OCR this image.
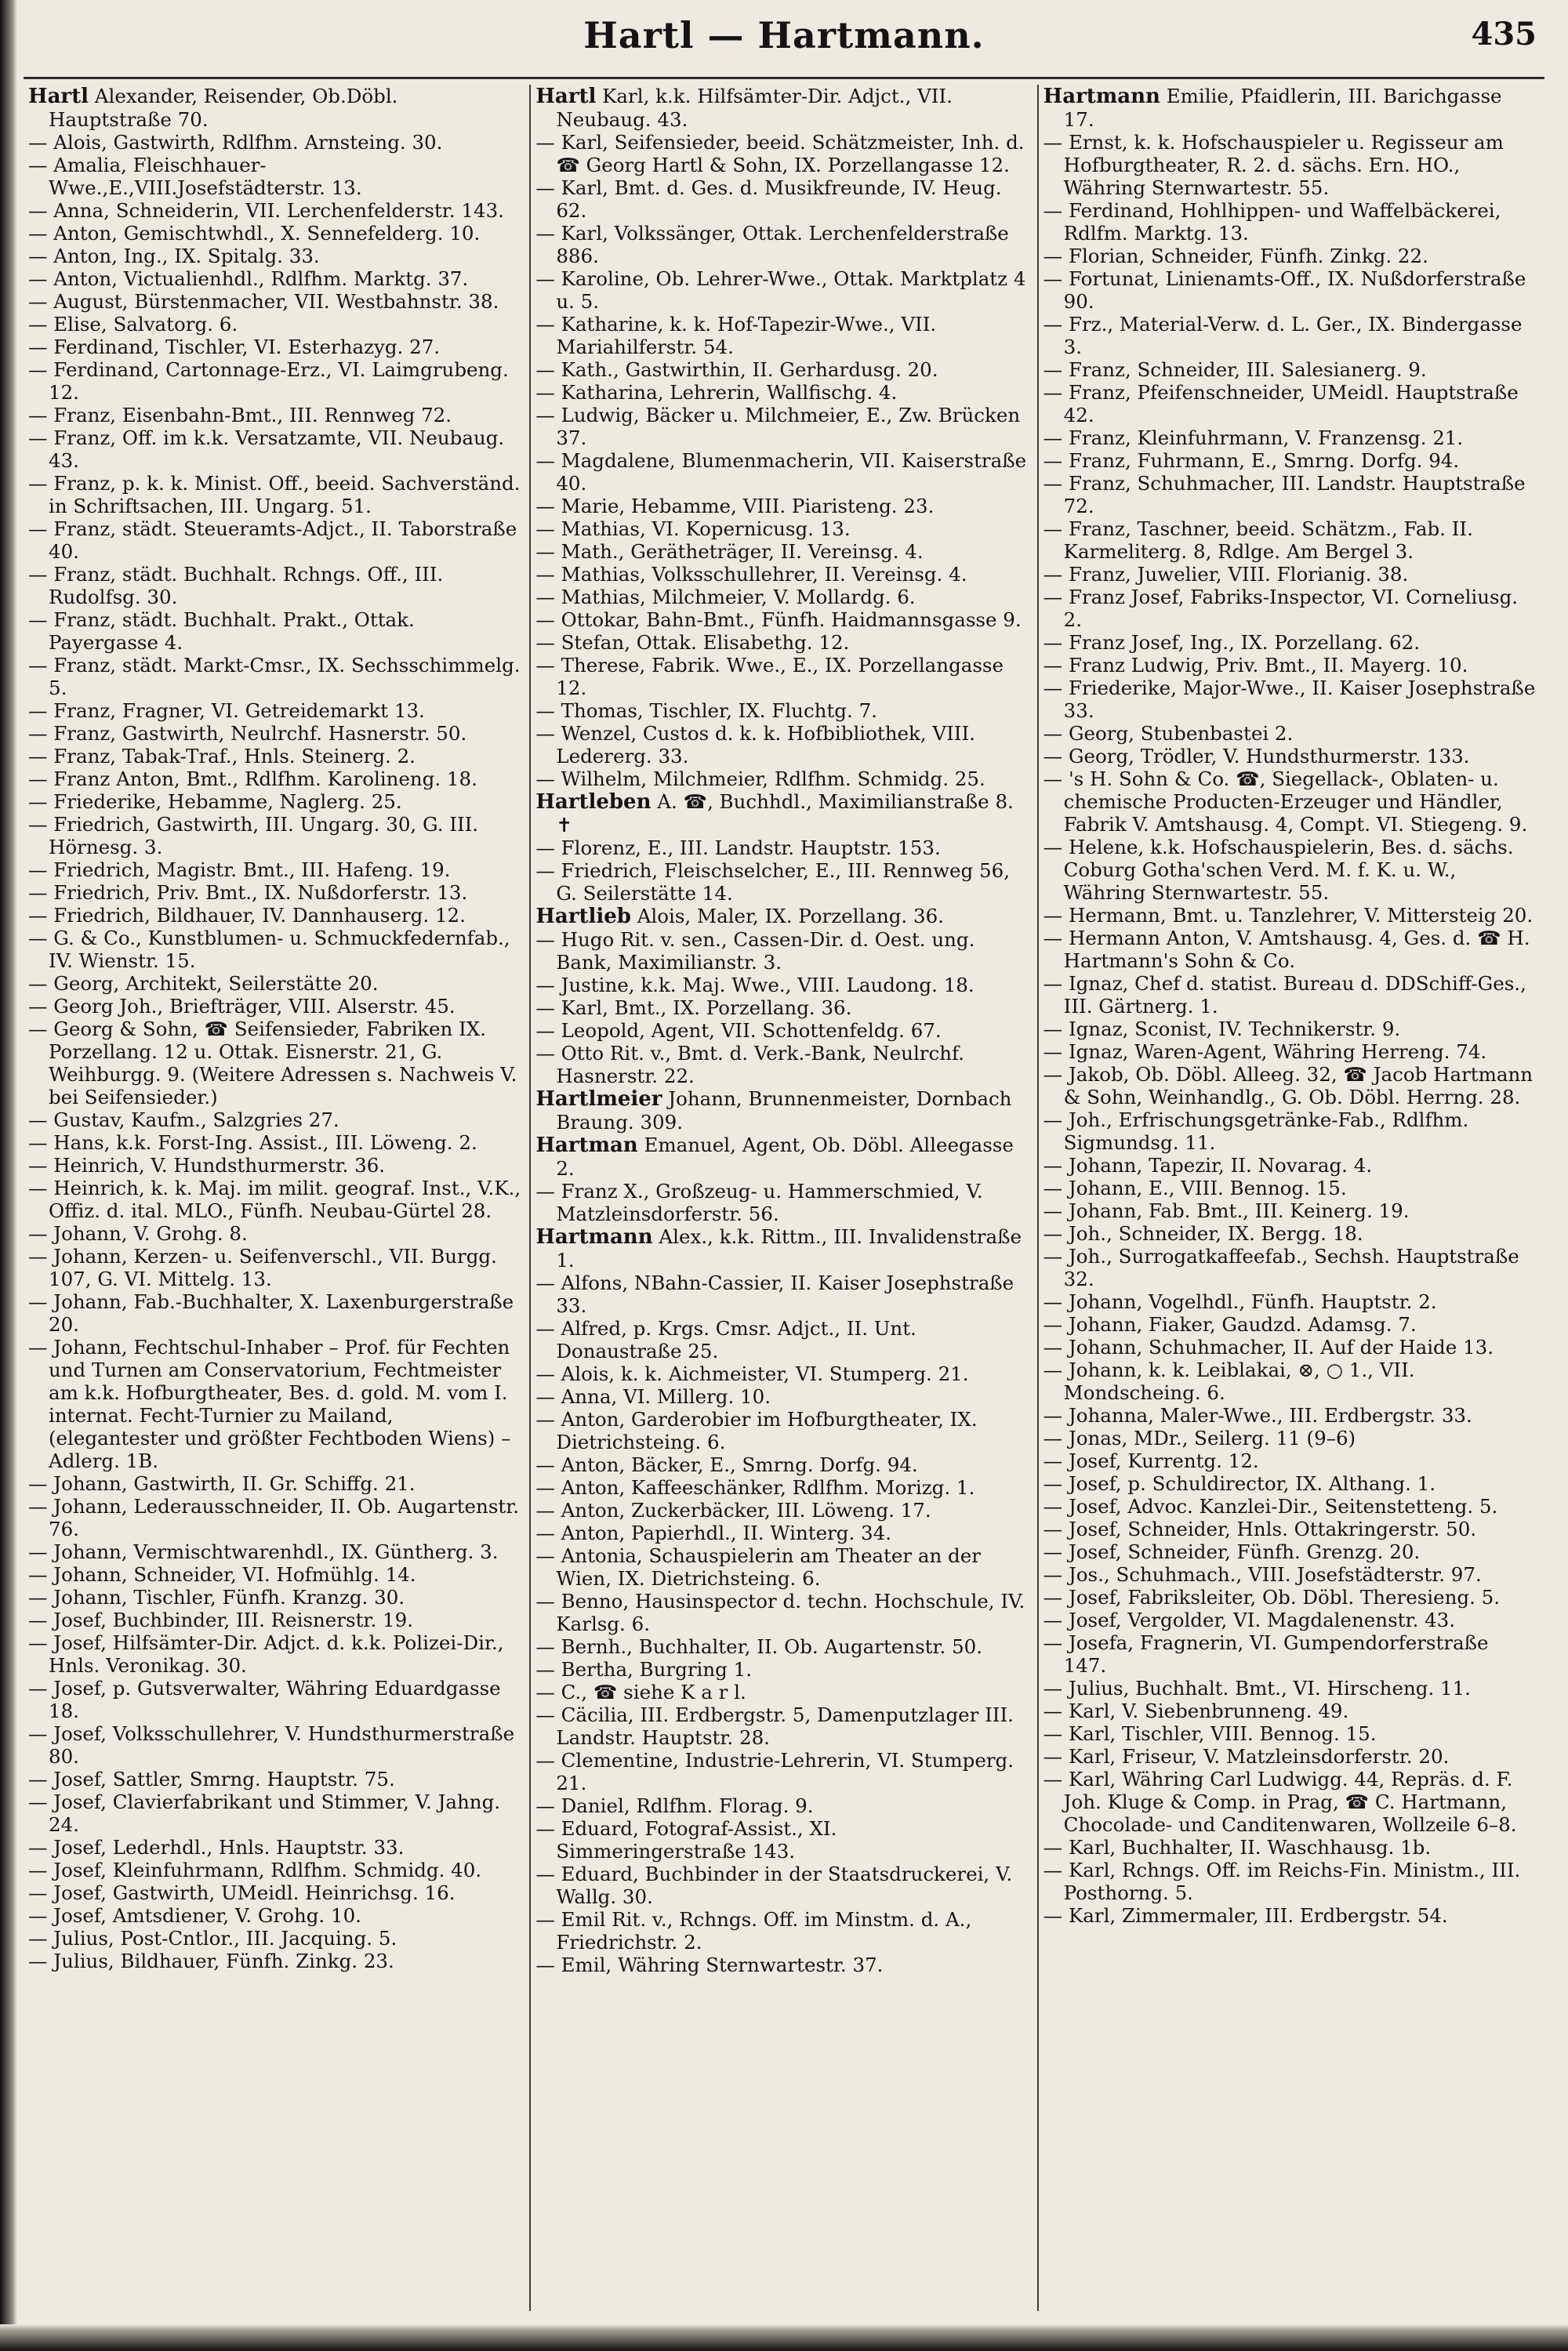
Hartl — Hartmann.	435

Hartl Alexander, Reisender, Ob.Döbl. Hauptstraße 70.

— Alois, Gastwirth, Rdlfhm. Arnsteing. 30.

— Amalia, Fleischhauer-Wwe.,E.,VIII.Josefstädterstr. 13.

— Anna, Schneiderin, VII. Lerchenfelderstr. 143.

— Anton, Gemischtwhdl., X. Sennefelderg. 10.

— Anton, Ing., IX. Spitalg. 33.

— Anton, Victualienhdl., Rdlfhm. Marktg. 37.

— August, Bürstenmacher, VII. Westbahnstr. 38.

— Elise, Salvatorg. 6.

— Ferdinand, Tischler, VI. Esterhazyg. 27.

— Ferdinand, Cartonnage-Erz., VI. Laimgrubeng. 12.

— Franz, Eisenbahn-Bmt., III. Rennweg 72.

— Franz, Off. im k.k. Versatzamte, VII. Neubaug. 43.

— Franz, p. k. k. Minist. Off., beeid. Sachverständ. in Schriftsachen, III. Ungarg. 51.

— Franz, städt. Steueramts-Adjct., II. Taborstraße 40.

— Franz, städt. Buchhalt. Rchngs. Off., III. Rudolfsg. 30.

— Franz, städt. Buchhalt. Prakt., Ottak. Payergasse 4.

— Franz, städt. Markt-Cmsr., IX. Sechsschimmelg. 5.

— Franz, Fragner, VI. Getreidemarkt 13.

— Franz, Gastwirth, Neulrchf. Hasnerstr. 50.

— Franz, Tabak-Traf., Hnls. Steinerg. 2.

— Franz Anton, Bmt., Rdlfhm. Karolineng. 18.

— Friederike, Hebamme, Naglerg. 25.

— Friedrich, Gastwirth, III. Ungarg. 30, G. III. Hörnesg. 3.

— Friedrich, Magistr. Bmt., III. Hafeng. 19.

— Friedrich, Priv. Bmt., IX. Nußdorferstr. 13.

— Friedrich, Bildhauer, IV. Dannhauserg. 12.

— G. & Co., Kunstblumen- u. Schmuckfedernfab., IV. Wienstr. 15.

— Georg, Architekt, Seilerstätte 20.

— Georg Joh., Briefträger, VIII. Alserstr. 45.

— Georg & Sohn, ☎ Seifensieder, Fabriken IX. Porzellang. 12 u. Ottak. Eisnerstr. 21, G. Weihburgg. 9. (Weitere Adressen s. Nachweis V. bei Seifensieder.)

— Gustav, Kaufm., Salzgries 27.

— Hans, k.k. Forst-Ing. Assist., III. Löweng. 2.

— Heinrich, V. Hundsthurmerstr. 36.

— Heinrich, k. k. Maj. im milit. geograf. Inst., V.K., Offiz. d. ital. MLO., Fünfh. Neubau-Gürtel 28.

— Johann, V. Grohg. 8.

— Johann, Kerzen- u. Seifenverschl., VII. Burgg. 107, G. VI. Mittelg. 13.

— Johann, Fab.-Buchhalter, X. Laxenburgerstraße 20.

— Johann, Fechtschul-Inhaber – Prof. für Fechten und Turnen am Conservatorium, Fechtmeister am k.k. Hofburgtheater, Bes. d. gold. M. vom I. internat. Fecht-Turnier zu Mailand, (elegantester und größter Fechtboden Wiens) – Adlerg. 1B.

— Johann, Gastwirth, II. Gr. Schiffg. 21.

— Johann, Lederausschneider, II. Ob. Augartenstr. 76.

— Johann, Vermischtwarenhdl., IX. Güntherg. 3.

— Johann, Schneider, VI. Hofmühlg. 14.

— Johann, Tischler, Fünfh. Kranzg. 30.

— Josef, Buchbinder, III. Reisnerstr. 19.

— Josef, Hilfsämter-Dir. Adjct. d. k.k. Polizei-Dir., Hnls. Veronikag. 30.

— Josef, p. Gutsverwalter, Währing Eduardgasse 18.

— Josef, Volksschullehrer, V. Hundsthurmerstraße 80.

— Josef, Sattler, Smrng. Hauptstr. 75.

— Josef, Clavierfabrikant und Stimmer, V. Jahng. 24.

— Josef, Lederhdl., Hnls. Hauptstr. 33.

— Josef, Kleinfuhrmann, Rdlfhm. Schmidg. 40.

— Josef, Gastwirth, UMeidl. Heinrichsg. 16.

— Josef, Amtsdiener, V. Grohg. 10.

— Julius, Post-Cntlor., III. Jacquing. 5.

— Julius, Bildhauer, Fünfh. Zinkg. 23.

Hartl Karl, k.k. Hilfsämter-Dir. Adjct., VII. Neubaug. 43.

— Karl, Seifensieder, beeid. Schätzmeister, Inh. d. ☎ Georg Hartl & Sohn, IX. Porzellangasse 12.

— Karl, Bmt. d. Ges. d. Musikfreunde, IV. Heug. 62.

— Karl, Volkssänger, Ottak. Lerchenfelderstraße 886.

— Karoline, Ob. Lehrer-Wwe., Ottak. Marktplatz 4 u. 5.

— Katharine, k. k. Hof-Tapezir-Wwe., VII. Mariahilferstr. 54.

— Kath., Gastwirthin, II. Gerhardusg. 20.

— Katharina, Lehrerin, Wallfischg. 4.

— Ludwig, Bäcker u. Milchmeier, E., Zw. Brücken 37.

— Magdalene, Blumenmacherin, VII. Kaiserstraße 40.

— Marie, Hebamme, VIII. Piaristeng. 23.

— Mathias, VI. Kopernicusg. 13.

— Math., Gerätheträger, II. Vereinsg. 4.

— Mathias, Volksschullehrer, II. Vereinsg. 4.

— Mathias, Milchmeier, V. Mollardg. 6.

— Ottokar, Bahn-Bmt., Fünfh. Haidmannsgasse 9.

— Stefan, Ottak. Elisabethg. 12.

— Therese, Fabrik. Wwe., E., IX. Porzellangasse 12.

— Thomas, Tischler, IX. Fluchtg. 7.

— Wenzel, Custos d. k. k. Hofbibliothek, VIII. Ledererg. 33.

— Wilhelm, Milchmeier, Rdlfhm. Schmidg. 25.

Hartleben A. ☎, Buchhdl., Maximilianstraße 8. ✝

— Florenz, E., III. Landstr. Hauptstr. 153.

— Friedrich, Fleischselcher, E., III. Rennweg 56, G. Seilerstätte 14.

Hartlieb Alois, Maler, IX. Porzellang. 36.

— Hugo Rit. v. sen., Cassen-Dir. d. Oest. ung. Bank, Maximilianstr. 3.

— Justine, k.k. Maj. Wwe., VIII. Laudong. 18.

— Karl, Bmt., IX. Porzellang. 36.

— Leopold, Agent, VII. Schottenfeldg. 67.

— Otto Rit. v., Bmt. d. Verk.-Bank, Neulrchf. Hasnerstr. 22.

Hartlmeier Johann, Brunnenmeister, Dornbach Braung. 309.

Hartman Emanuel, Agent, Ob. Döbl. Alleegasse 2.

— Franz X., Großzeug- u. Hammerschmied, V. Matzleinsdorferstr. 56.

Hartmann Alex., k.k. Rittm., III. Invalidenstraße 1.

— Alfons, NBahn-Cassier, II. Kaiser Josephstraße 33.

— Alfred, p. Krgs. Cmsr. Adjct., II. Unt. Donaustraße 25.

— Alois, k. k. Aichmeister, VI. Stumperg. 21.

— Anna, VI. Millerg. 10.

— Anton, Garderobier im Hofburgtheater, IX. Dietrichsteing. 6.

— Anton, Bäcker, E., Smrng. Dorfg. 94.

— Anton, Kaffeeschänker, Rdlfhm. Morizg. 1.

— Anton, Zuckerbäcker, III. Löweng. 17.

— Anton, Papierhdl., II. Winterg. 34.

— Antonia, Schauspielerin am Theater an der Wien, IX. Dietrichsteing. 6.

— Benno, Hausinspector d. techn. Hochschule, IV. Karlsg. 6.

— Bernh., Buchhalter, II. Ob. Augartenstr. 50.

— Bertha, Burgring 1.

— C., ☎ siehe K a r l.

— Cäcilia, III. Erdbergstr. 5, Damenputzlager III. Landstr. Hauptstr. 28.

— Clementine, Industrie-Lehrerin, VI. Stumperg. 21.

— Daniel, Rdlfhm. Florag. 9.

— Eduard, Fotograf-Assist., XI. Simmeringerstraße 143.

— Eduard, Buchbinder in der Staatsdruckerei, V. Wallg. 30.

— Emil Rit. v., Rchngs. Off. im Minstm. d. A., Friedrichstr. 2.

— Emil, Währing Sternwartestr. 37.

Hartmann Emilie, Pfaidlerin, III. Barichgasse 17.

— Ernst, k. k. Hofschauspieler u. Regisseur am Hofburgtheater, R. 2. d. sächs. Ern. HO., Währing Sternwartestr. 55.

— Ferdinand, Hohlhippen- und Waffelbäckerei, Rdlfm. Marktg. 13.

— Florian, Schneider, Fünfh. Zinkg. 22.

— Fortunat, Linienamts-Off., IX. Nußdorferstraße 90.

— Frz., Material-Verw. d. L. Ger., IX. Bindergasse 3.

— Franz, Schneider, III. Salesianerg. 9.

— Franz, Pfeifenschneider, UMeidl. Hauptstraße 42.

— Franz, Kleinfuhrmann, V. Franzensg. 21.

— Franz, Fuhrmann, E., Smrng. Dorfg. 94.

— Franz, Schuhmacher, III. Landstr. Hauptstraße 72.

— Franz, Taschner, beeid. Schätzm., Fab. II. Karmeliterg. 8, Rdlge. Am Bergel 3.

— Franz, Juwelier, VIII. Florianig. 38.

— Franz Josef, Fabriks-Inspector, VI. Corneliusg. 2.

— Franz Josef, Ing., IX. Porzellang. 62.

— Franz Ludwig, Priv. Bmt., II. Mayerg. 10.

— Friederike, Major-Wwe., II. Kaiser Josephstraße 33.

— Georg, Stubenbastei 2.

— Georg, Trödler, V. Hundsthurmerstr. 133.

— 's H. Sohn & Co. ☎, Siegellack-, Oblaten- u. chemische Producten-Erzeuger und Händler, Fabrik V. Amtshausg. 4, Compt. VI. Stiegeng. 9.

— Helene, k.k. Hofschauspielerin, Bes. d. sächs. Coburg Gotha'schen Verd. M. f. K. u. W., Währing Sternwartestr. 55.

— Hermann, Bmt. u. Tanzlehrer, V. Mittersteig 20.

— Hermann Anton, V. Amtshausg. 4, Ges. d. ☎ H. Hartmann's Sohn & Co.

— Ignaz, Chef d. statist. Bureau d. DDSchiff-Ges., III. Gärtnerg. 1.

— Ignaz, Sconist, IV. Technikerstr. 9.

— Ignaz, Waren-Agent, Währing Herreng. 74.

— Jakob, Ob. Döbl. Alleeg. 32, ☎ Jacob Hartmann & Sohn, Weinhandlg., G. Ob. Döbl. Herrng. 28.

— Joh., Erfrischungsgetränke-Fab., Rdlfhm. Sigmundsg. 11.

— Johann, Tapezir, II. Novarag. 4.

— Johann, E., VIII. Bennog. 15.

— Johann, Fab. Bmt., III. Keinerg. 19.

— Joh., Schneider, IX. Bergg. 18.

— Joh., Surrogatkaffeefab., Sechsh. Hauptstraße 32.

— Johann, Vogelhdl., Fünfh. Hauptstr. 2.

— Johann, Fiaker, Gaudzd. Adamsg. 7.

— Johann, Schuhmacher, II. Auf der Haide 13.

— Johann, k. k. Leiblakai, ⊗, ○ 1., VII. Mondscheing. 6.

— Johanna, Maler-Wwe., III. Erdbergstr. 33.

— Jonas, MDr., Seilerg. 11 (9–6)

— Josef, Kurrentg. 12.

— Josef, p. Schuldirector, IX. Althang. 1.

— Josef, Advoc. Kanzlei-Dir., Seitenstetteng. 5.

— Josef, Schneider, Hnls. Ottakringerstr. 50.

— Josef, Schneider, Fünfh. Grenzg. 20.

— Jos., Schuhmach., VIII. Josefstädterstr. 97.

— Josef, Fabriksleiter, Ob. Döbl. Theresieng. 5.

— Josef, Vergolder, VI. Magdalenenstr. 43.

— Josefa, Fragnerin, VI. Gumpendorferstraße 147.

— Julius, Buchhalt. Bmt., VI. Hirscheng. 11.

— Karl, V. Siebenbrunneng. 49.

— Karl, Tischler, VIII. Bennog. 15.

— Karl, Friseur, V. Matzleinsdorferstr. 20.

— Karl, Währing Carl Ludwigg. 44, Repräs. d. F. Joh. Kluge & Comp. in Prag, ☎ C. Hartmann, Chocolade- und Canditenwaren, Wollzeile 6–8.

— Karl, Buchhalter, II. Waschhausg. 1b.

— Karl, Rchngs. Off. im Reichs-Fin. Ministm., III. Posthorng. 5.

— Karl, Zimmermaler, III. Erdbergstr. 54.
